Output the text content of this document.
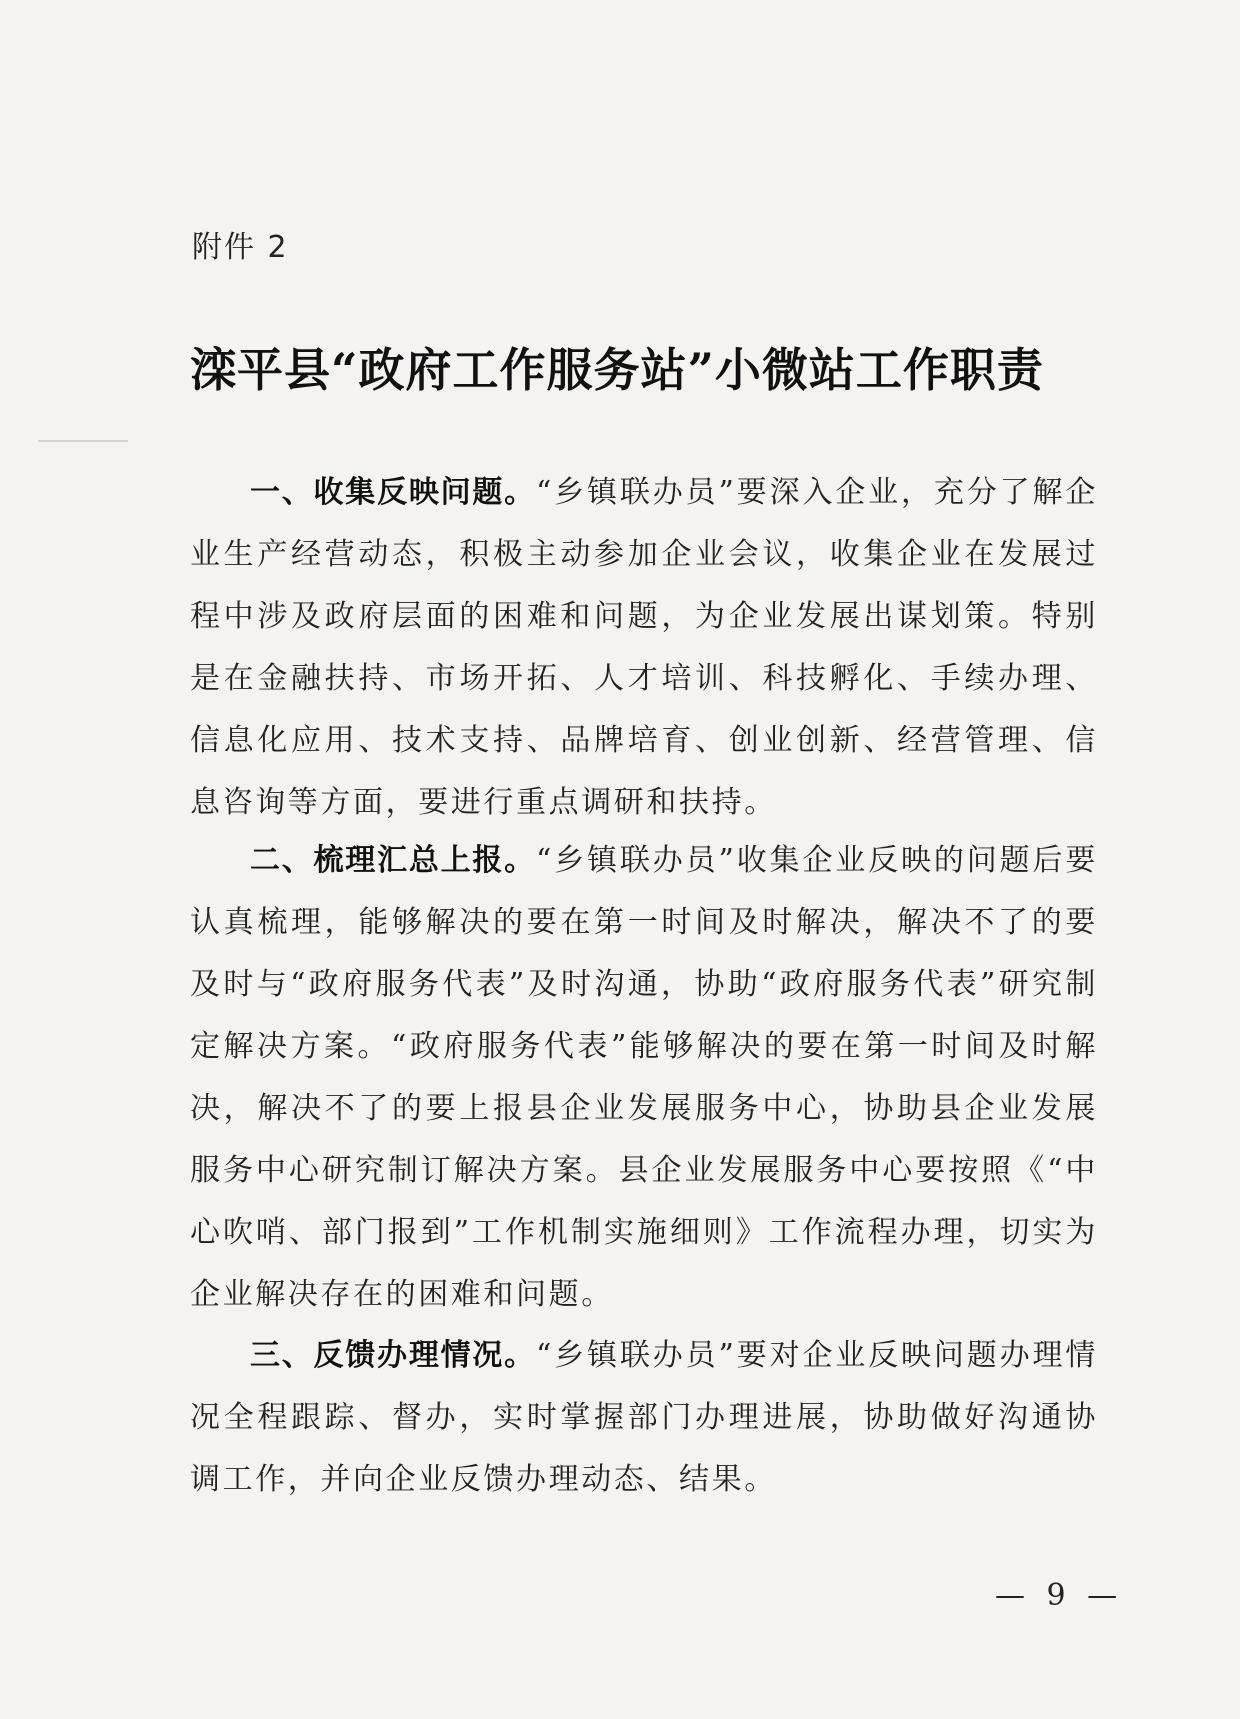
附件 2
滦平县“政府工作服务站”小微站工作职责

一、收集反映问题。“乡镇联办员”要深入企业，充分了解企业生产经营动态，积极主动参加企业会议，收集企业在发展过程中涉及政府层面的困难和问题，为企业发展出谋划策。特别是在金融扶持、市场开拓、人才培训、科技孵化、手续办理、信息化应用、技术支持、品牌培育、创业创新、经营管理、信息咨询等方面，要进行重点调研和扶持。

二、梳理汇总上报。“乡镇联办员”收集企业反映的问题后要认真梳理，能够解决的要在第一时间及时解决，解决不了的要及时与“政府服务代表”及时沟通，协助“政府服务代表”研究制定解决方案。“政府服务代表”能够解决的要在第一时间及时解决，解决不了的要上报县企业发展服务中心，协助县企业发展服务中心研究制订解决方案。县企业发展服务中心要按照《“中心吹哨、部门报到”工作机制实施细则》工作流程办理，切实为企业解决存在的困难和问题。

三、反馈办理情况。“乡镇联办员”要对企业反映问题办理情况全程跟踪、督办，实时掌握部门办理进展，协助做好沟通协调工作，并向企业反馈办理动态、结果。

— 9 —
